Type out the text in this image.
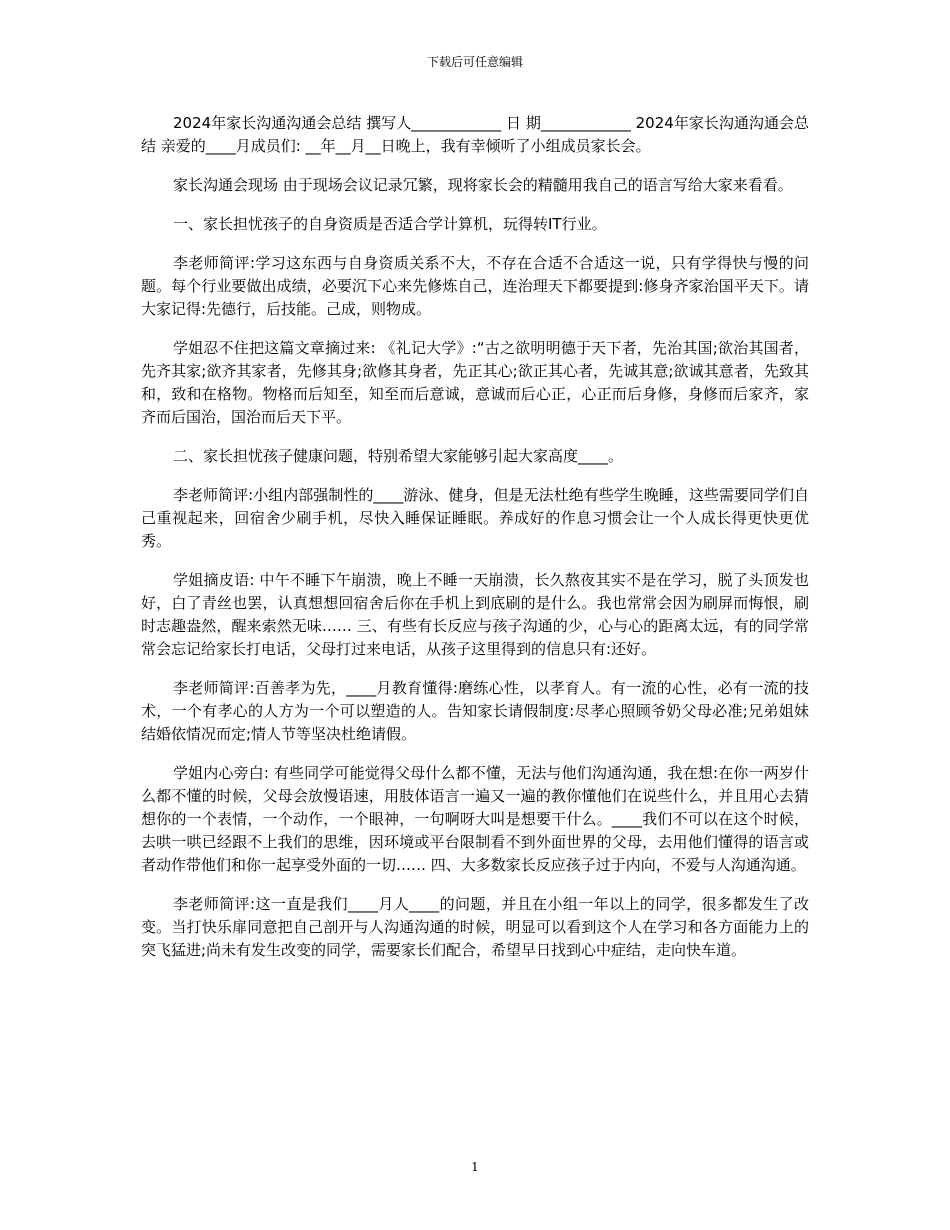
下载后可任意编辑

2024年家长沟通沟通会总结 撰写人____________ 日 期____________ 2024年家长沟通沟通会总结 亲爱的____月成员们: __年__月__日晚上，我有幸倾听了小组成员家长会。

家长沟通会现场 由于现场会议记录冗繁，现将家长会的精髓用我自己的语言写给大家来看看。

一、家长担忧孩子的自身资质是否适合学计算机，玩得转IT行业。

李老师简评:学习这东西与自身资质关系不大，不存在合适不合适这一说，只有学得快与慢的问题。每个行业要做出成绩，必要沉下心来先修炼自己，连治理天下都要提到:修身齐家治国平天下。请大家记得:先德行，后技能。己成，则物成。

学姐忍不住把这篇文章摘过来: 《礼记大学》:“古之欲明明德于天下者，先治其国;欲治其国者，先齐其家;欲齐其家者，先修其身;欲修其身者，先正其心;欲正其心者，先诚其意;欲诚其意者，先致其和，致和在格物。物格而后知至，知至而后意诚，意诚而后心正，心正而后身修，身修而后家齐，家齐而后国治，国治而后天下平。

二、家长担忧孩子健康问题，特别希望大家能够引起大家高度____。

李老师简评:小组内部强制性的____游泳、健身，但是无法杜绝有些学生晚睡，这些需要同学们自己重视起来，回宿舍少刷手机，尽快入睡保证睡眠。养成好的作息习惯会让一个人成长得更快更优秀。

学姐摘皮语: 中午不睡下午崩溃，晚上不睡一天崩溃，长久熬夜其实不是在学习，脱了头顶发也好，白了青丝也罢，认真想想回宿舍后你在手机上到底刷的是什么。我也常常会因为刷屏而悔恨，刷时志趣盎然，醒来索然无味…… 三、有些有长反应与孩子沟通的少，心与心的距离太远，有的同学常常会忘记给家长打电话，父母打过来电话，从孩子这里得到的信息只有:还好。

李老师简评:百善孝为先，____月教育懂得:磨练心性，以孝育人。有一流的心性，必有一流的技术，一个有孝心的人方为一个可以塑造的人。告知家长请假制度:尽孝心照顾爷奶父母必准;兄弟姐妹结婚依情况而定;情人节等坚决杜绝请假。

学姐内心旁白: 有些同学可能觉得父母什么都不懂，无法与他们沟通沟通，我在想:在你一两岁什么都不懂的时候，父母会放慢语速，用肢体语言一遍又一遍的教你懂他们在说些什么，并且用心去猜想你的一个表情，一个动作，一个眼神，一句啊呀大叫是想要干什么。____我们不可以在这个时候，去哄一哄已经跟不上我们的思维，因环境或平台限制看不到外面世界的父母，去用他们懂得的语言或者动作带他们和你一起享受外面的一切…… 四、大多数家长反应孩子过于内向，不爱与人沟通沟通。

李老师简评:这一直是我们____月人____的问题，并且在小组一年以上的同学，很多都发生了改变。当打快乐扉同意把自己剖开与人沟通沟通的时候，明显可以看到这个人在学习和各方面能力上的突飞猛进;尚未有发生改变的同学，需要家长们配合，希望早日找到心中症结，走向快车道。

1
